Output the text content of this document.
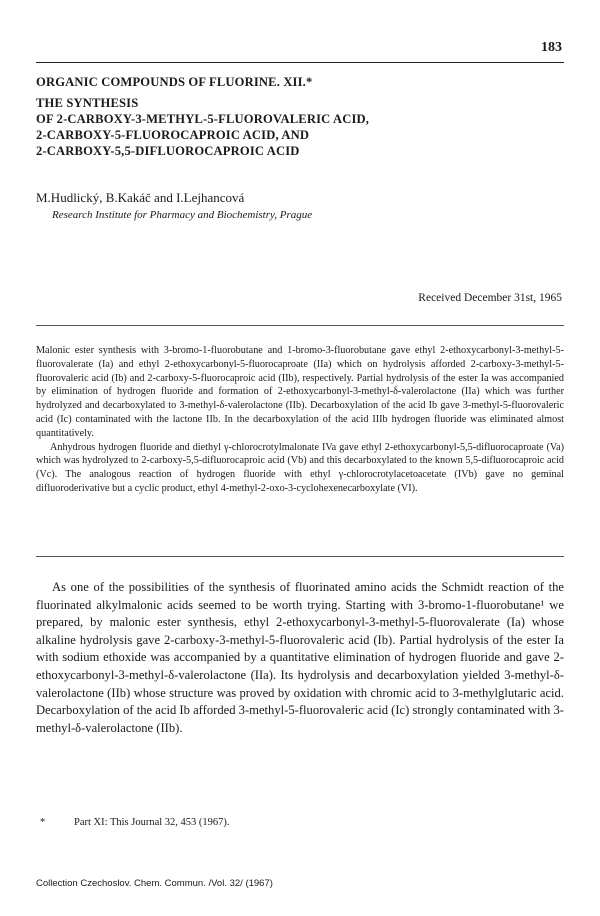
183
ORGANIC COMPOUNDS OF FLUORINE. XII.*
THE SYNTHESIS
OF 2-CARBOXY-3-METHYL-5-FLUOROVALERIC ACID,
2-CARBOXY-5-FLUOROCAPROIC ACID, AND
2-CARBOXY-5,5-DIFLUOROCAPROIC ACID
M.Hudlický, B.Kakáč and I.Lejhancová
Research Institute for Pharmacy and Biochemistry, Prague
Received December 31st, 1965

Malonic ester synthesis with 3-bromo-1-fluorobutane and 1-bromo-3-fluorobutane gave ethyl 2-ethoxycarbonyl-3-methyl-5-fluorovalerate (Ia) and ethyl 2-ethoxycarbonyl-5-fluorocaproate (IIa) which on hydrolysis afforded 2-carboxy-3-methyl-5-fluorovaleric acid (Ib) and 2-carboxy-5-fluorocaproic acid (IIb), respectively. Partial hydrolysis of the ester Ia was accompanied by elimination of hydrogen fluoride and formation of 2-ethoxycarbonyl-3-methyl-δ-valerolactone (IIa) which was further hydrolyzed and decarboxylated to 3-methyl-δ-valerolactone (IIb). Decarboxylation of the acid Ib gave 3-methyl-5-fluorovaleric acid (Ic) contaminated with the lactone IIb. In the decarboxylation of the acid IIIb hydrogen fluoride was eliminated almost quantitatively.

Anhydrous hydrogen fluoride and diethyl γ-chlorocrotylmalonate IVa gave ethyl 2-ethoxycarbonyl-5,5-difluorocaproate (Va) which was hydrolyzed to 2-carboxy-5,5-difluorocaproic acid (Vb) and this decarboxylated to the known 5,5-difluorocaproic acid (Vc). The analogous reaction of hydrogen fluoride with ethyl γ-chlorocrotylacetoacetate (IVb) gave no geminal difluoroderivative but a cyclic product, ethyl 4-methyl-2-oxo-3-cyclohexenecarboxylate (VI).

As one of the possibilities of the synthesis of fluorinated amino acids the Schmidt reaction of the fluorinated alkylmalonic acids seemed to be worth trying. Starting with 3-bromo-1-fluorobutane¹ we prepared, by malonic ester synthesis, ethyl 2-ethoxycarbonyl-3-methyl-5-fluorovalerate (Ia) whose alkaline hydrolysis gave 2-carboxy-3-methyl-5-fluorovaleric acid (Ib). Partial hydrolysis of the ester Ia with sodium ethoxide was accompanied by a quantitative elimination of hydrogen fluoride and gave 2-ethoxycarbonyl-3-methyl-δ-valerolactone (IIa). Its hydrolysis and decarboxylation yielded 3-methyl-δ-valerolactone (IIb) whose structure was proved by oxidation with chromic acid to 3-methylglutaric acid. Decarboxylation of the acid Ib afforded 3-methyl-5-fluorovaleric acid (Ic) strongly contaminated with 3-methyl-δ-valerolactone (IIb).

*	Part XI: This Journal 32, 453 (1967).
Collection Czechoslov. Chem. Commun. /Vol. 32/ (1967)
